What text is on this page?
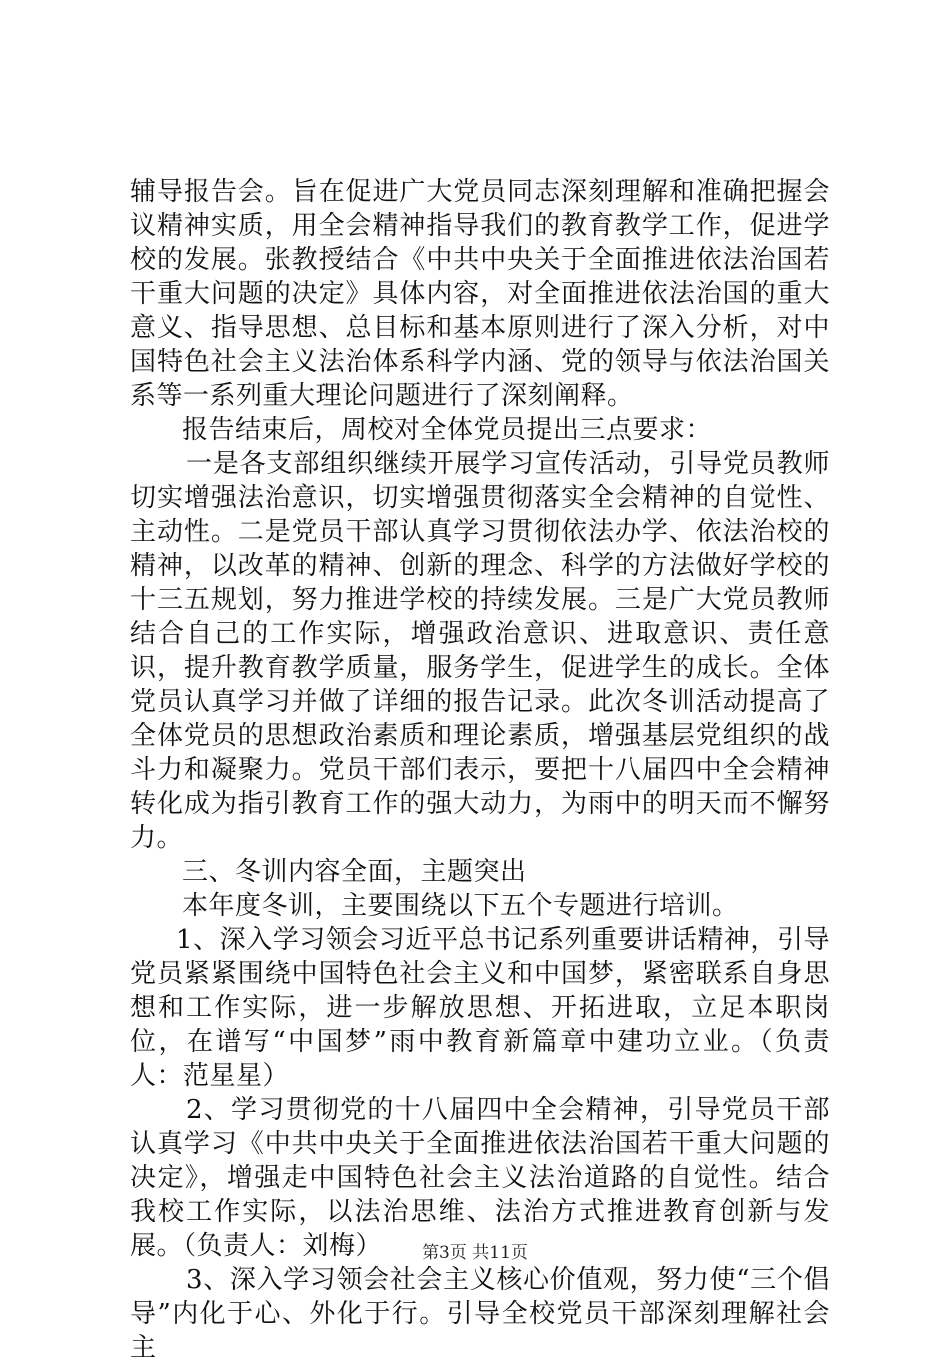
辅导报告会。旨在促进广大党员同志深刻理解和准确把握会议精神实质，用全会精神指导我们的教育教学工作，促进学校的发展。张教授结合《中共中央关于全面推进依法治国若干重大问题的决定》具体内容，对全面推进依法治国的重大意义、指导思想、总目标和基本原则进行了深入分析，对中国特色社会主义法治体系科学内涵、党的领导与依法治国关系等一系列重大理论问题进行了深刻阐释。

报告结束后，周校对全体党员提出三点要求：

一是各支部组织继续开展学习宣传活动，引导党员教师切实增强法治意识，切实增强贯彻落实全会精神的自觉性、主动性。二是党员干部认真学习贯彻依法办学、依法治校的精神，以改革的精神、创新的理念、科学的方法做好学校的十三五规划，努力推进学校的持续发展。三是广大党员教师结合自己的工作实际，增强政治意识、进取意识、责任意识，提升教育教学质量，服务学生，促进学生的成长。全体党员认真学习并做了详细的报告记录。此次冬训活动提高了全体党员的思想政治素质和理论素质，增强基层党组织的战斗力和凝聚力。党员干部们表示，要把十八届四中全会精神转化成为指引教育工作的强大动力，为雨中的明天而不懈努力。

三、冬训内容全面，主题突出

本年度冬训，主要围绕以下五个专题进行培训。

1、深入学习领会习近平总书记系列重要讲话精神，引导党员紧紧围绕中国特色社会主义和中国梦，紧密联系自身思想和工作实际，进一步解放思想、开拓进取，立足本职岗位，在谱写“中国梦”雨中教育新篇章中建功立业。（负责人：范星星）

2、学习贯彻党的十八届四中全会精神，引导党员干部认真学习《中共中央关于全面推进依法治国若干重大问题的决定》，增强走中国特色社会主义法治道路的自觉性。结合我校工作实际，以法治思维、法治方式推进教育创新与发展。（负责人：刘梅）

3、深入学习领会社会主义核心价值观，努力使“三个倡导”内化于心、外化于行。引导全校党员干部深刻理解社会主

第3页 共11页
